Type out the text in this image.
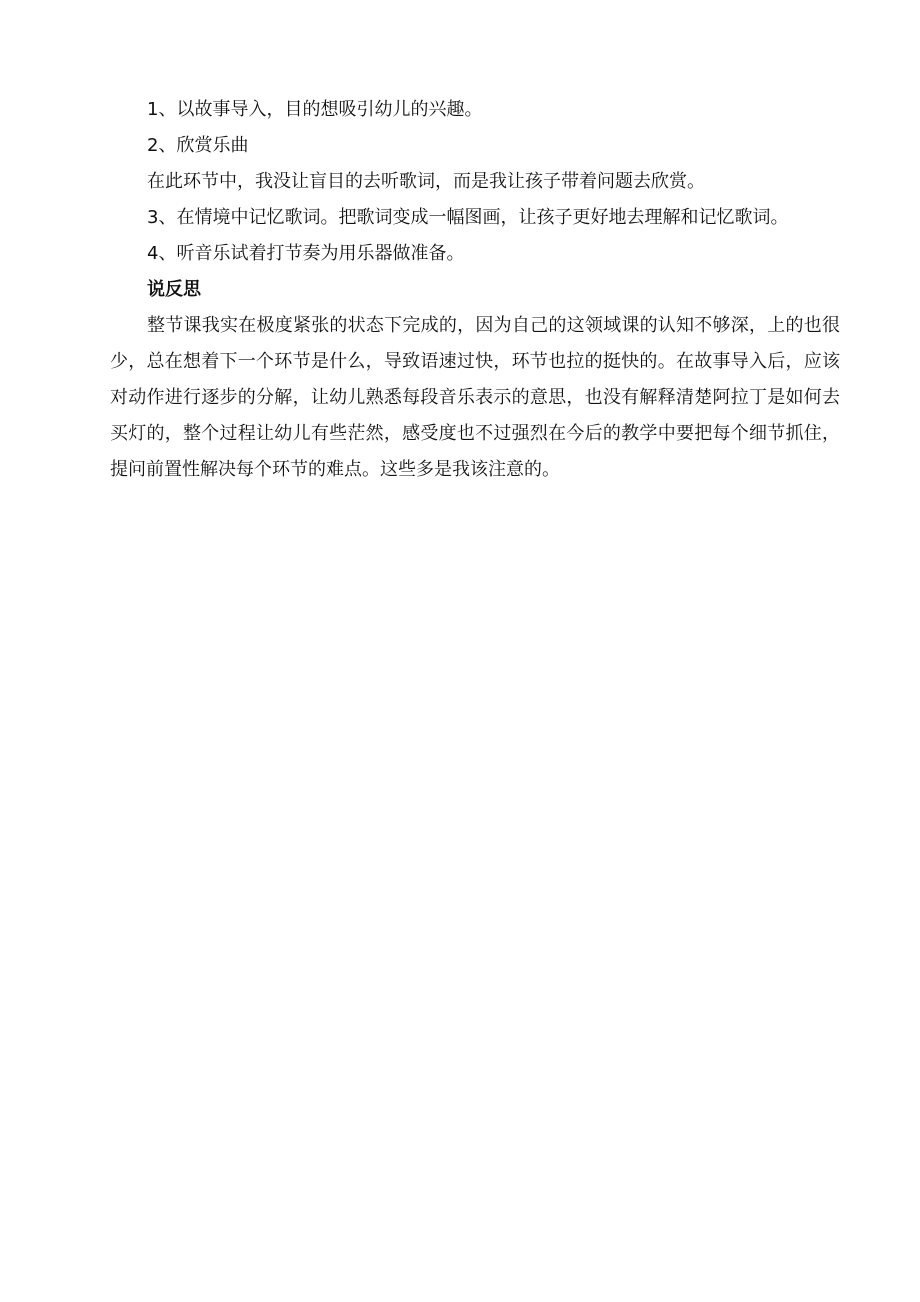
1、以故事导入，目的想吸引幼儿的兴趣。

2、欣赏乐曲

在此环节中，我没让盲目的去听歌词，而是我让孩子带着问题去欣赏。

3、在情境中记忆歌词。把歌词变成一幅图画，让孩子更好地去理解和记忆歌词。

4、听音乐试着打节奏为用乐器做准备。

说反思

整节课我实在极度紧张的状态下完成的，因为自己的这领域课的认知不够深，上的也很少，总在想着下一个环节是什么，导致语速过快，环节也拉的挺快的。在故事导入后，应该对动作进行逐步的分解，让幼儿熟悉每段音乐表示的意思，也没有解释清楚阿拉丁是如何去买灯的，整个过程让幼儿有些茫然，感受度也不过强烈在今后的教学中要把每个细节抓住，提问前置性解决每个环节的难点。这些多是我该注意的。
